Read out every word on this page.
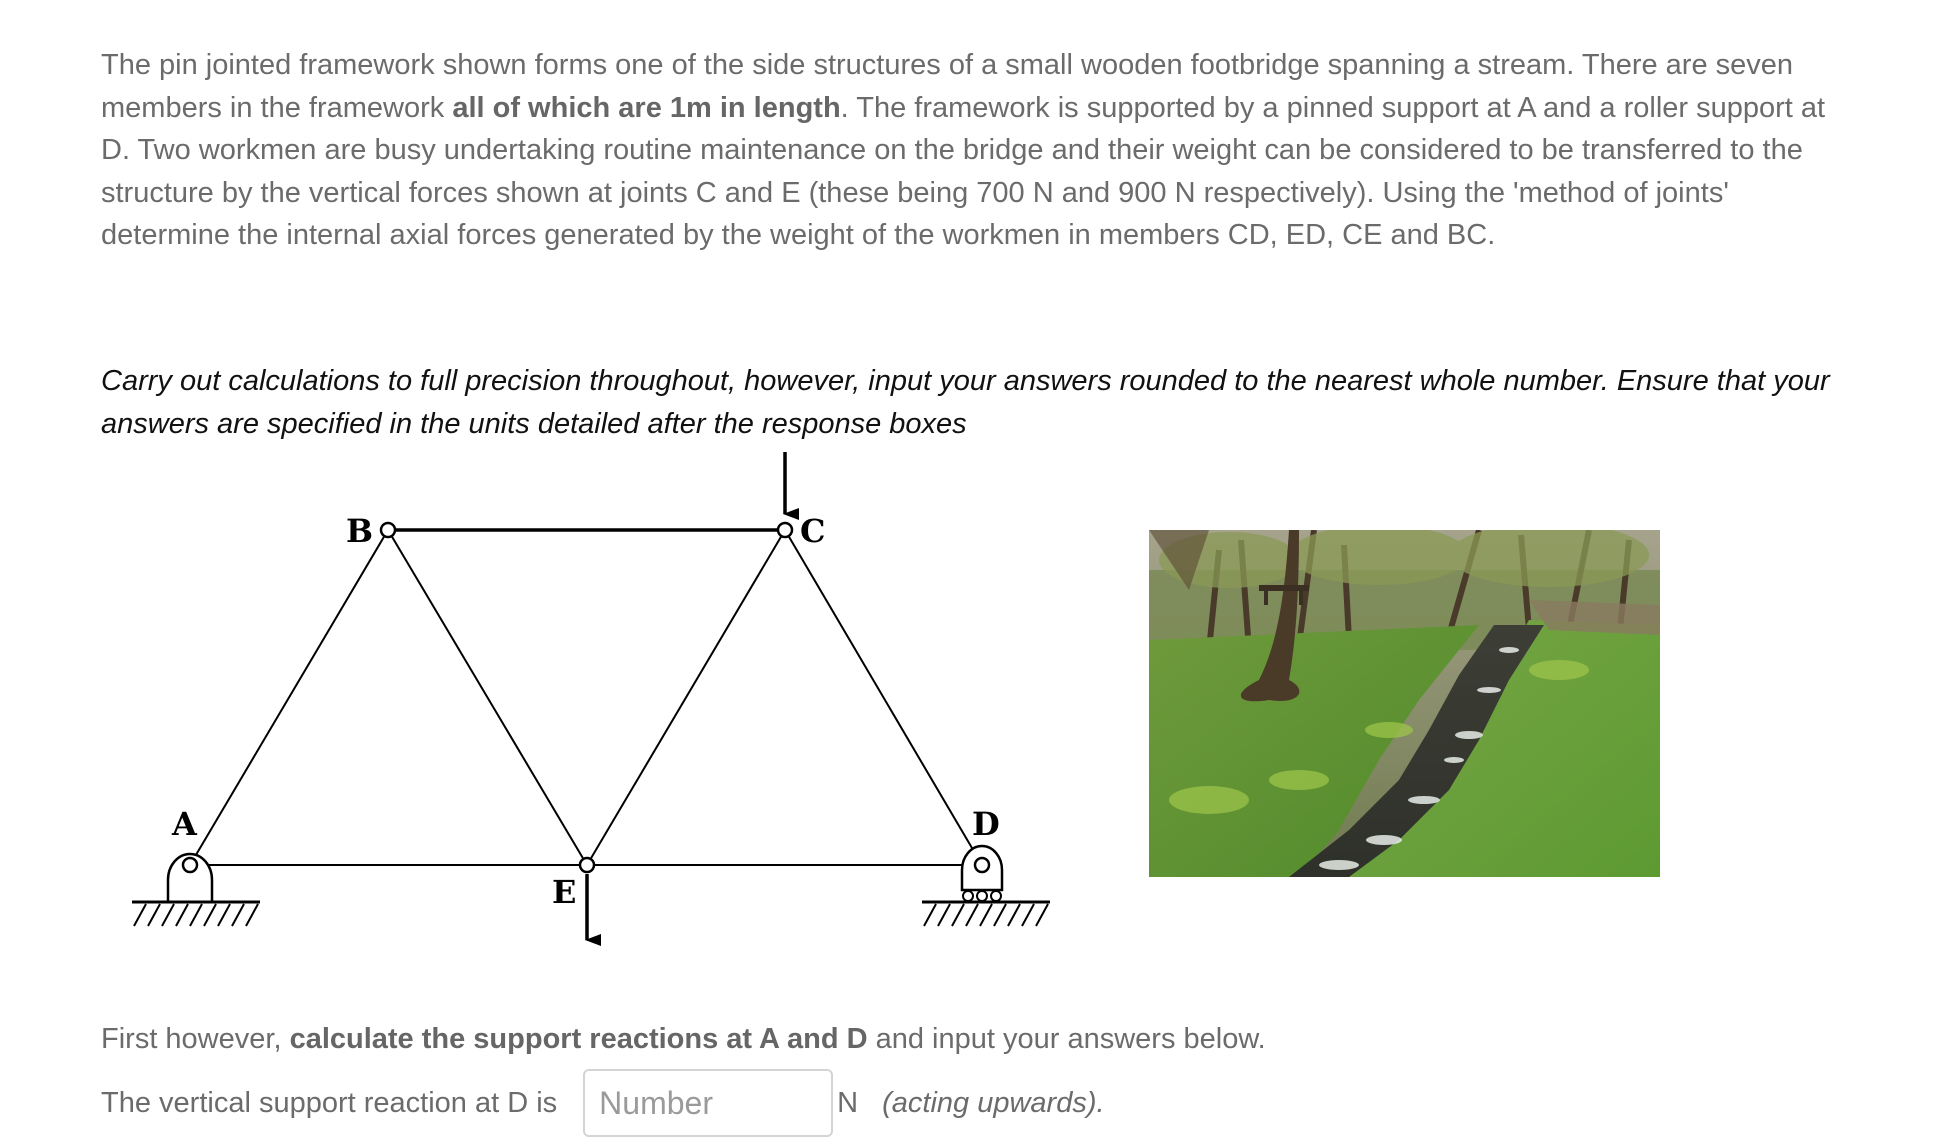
The pin jointed framework shown forms one of the side structures of a small wooden footbridge spanning a stream. There are seven members in the framework all of which are 1m in length. The framework is supported by a pinned support at A and a roller support at D. Two workmen are busy undertaking routine maintenance on the bridge and their weight can be considered to be transferred to the structure by the vertical forces shown at joints C and E (these being 700 N and 900 N respectively). Using the 'method of joints' determine the internal axial forces generated by the weight of the workmen in members CD, ED, CE and BC.
Carry out calculations to full precision throughout, however, input your answers rounded to the nearest whole number. Ensure that your answers are specified in the units detailed after the response boxes
A
B	C
D
E
First however, calculate the support reactions at A and D and input your answers below.
The vertical support reaction at D is
Number	N (acting upwards).
